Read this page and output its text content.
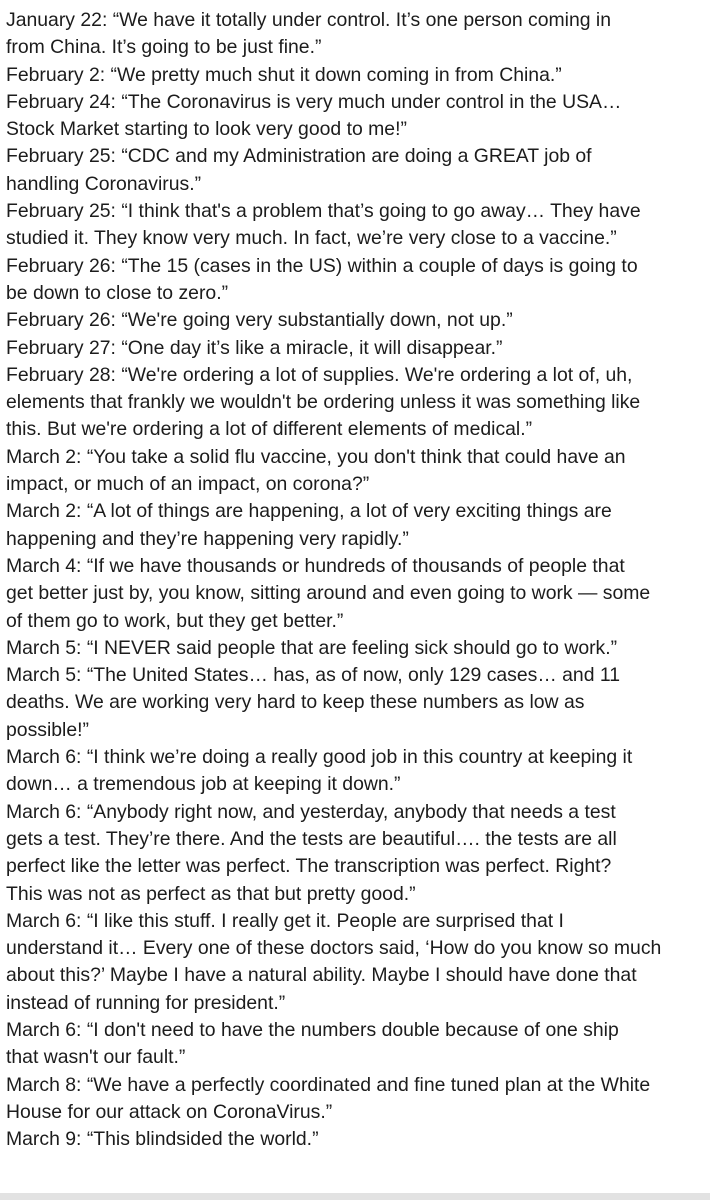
January 22: “We have it totally under control. It’s one person coming in
from China. It’s going to be just fine.”
February 2: “We pretty much shut it down coming in from China.”
February 24: “The Coronavirus is very much under control in the USA…
Stock Market starting to look very good to me!”
February 25: “CDC and my Administration are doing a GREAT job of
handling Coronavirus.”
February 25: “I think that's a problem that’s going to go away… They have
studied it. They know very much. In fact, we’re very close to a vaccine.”
February 26: “The 15 (cases in the US) within a couple of days is going to
be down to close to zero.”
February 26: “We're going very substantially down, not up.”
February 27: “One day it’s like a miracle, it will disappear.”
February 28: “We're ordering a lot of supplies. We're ordering a lot of, uh,
elements that frankly we wouldn't be ordering unless it was something like
this. But we're ordering a lot of different elements of medical.”
March 2: “You take a solid flu vaccine, you don't think that could have an
impact, or much of an impact, on corona?”
March 2: “A lot of things are happening, a lot of very exciting things are
happening and they’re happening very rapidly.”
March 4: “If we have thousands or hundreds of thousands of people that
get better just by, you know, sitting around and even going to work — some
of them go to work, but they get better.”
March 5: “I NEVER said people that are feeling sick should go to work.”
March 5: “The United States… has, as of now, only 129 cases… and 11
deaths. We are working very hard to keep these numbers as low as
possible!”
March 6: “I think we’re doing a really good job in this country at keeping it
down… a tremendous job at keeping it down.”
March 6: “Anybody right now, and yesterday, anybody that needs a test
gets a test. They’re there. And the tests are beautiful…. the tests are all
perfect like the letter was perfect. The transcription was perfect. Right?
This was not as perfect as that but pretty good.”
March 6: “I like this stuff. I really get it. People are surprised that I
understand it… Every one of these doctors said, ‘How do you know so much
about this?’ Maybe I have a natural ability. Maybe I should have done that
instead of running for president.”
March 6: “I don't need to have the numbers double because of one ship
that wasn't our fault.”
March 8: “We have a perfectly coordinated and fine tuned plan at the White
House for our attack on CoronaVirus.”
March 9: “This blindsided the world.”
